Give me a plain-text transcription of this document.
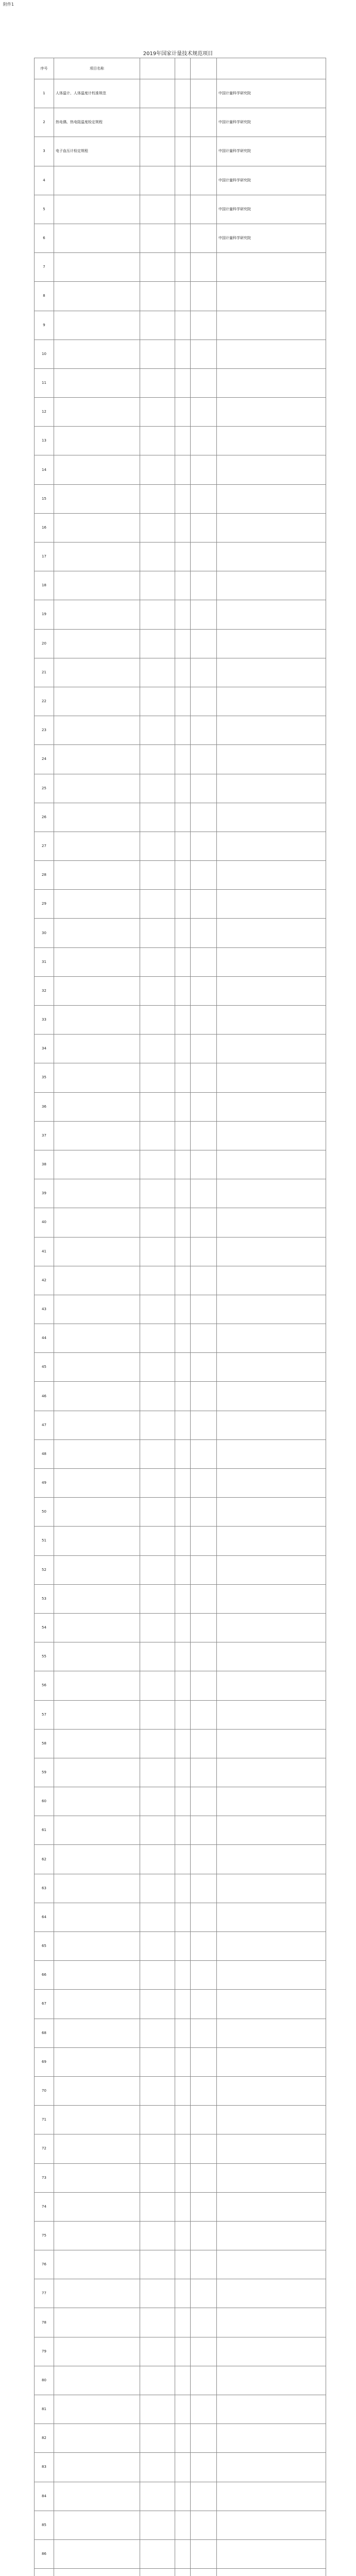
附件1
2019年国家计量技术规范项目
序号	项目名称				
1	人体温计、人体温度计校准规范				中国计量科学研究院
2	热电偶、热电阻温度检定规程				中国计量科学研究院
3	电子血压计检定规程				中国计量科学研究院
4					中国计量科学研究院
5					中国计量科学研究院
6					中国计量科学研究院
7					
8					
9					
10					
11					
12					
13					
14					
15					
16					
17					
18					
19					
20					
21					
22					
23					
24					
25					
26					
27					
28					
29					
30					
31					
32					
33					
34					
35					
36					
37					
38					
39					
40					
41					
42					
43					
44					
45					
46					
47					
48					
49					
50					
51					
52					
53					
54					
55					
56					
57					
58					
59					
60					
61					
62					
63					
64					
65					
66					
67					
68					
69					
70					
71					
72					
73					
74					
75					
76					
77					
78					
79					
80					
81					
82					
83					
84					
85					
86					
